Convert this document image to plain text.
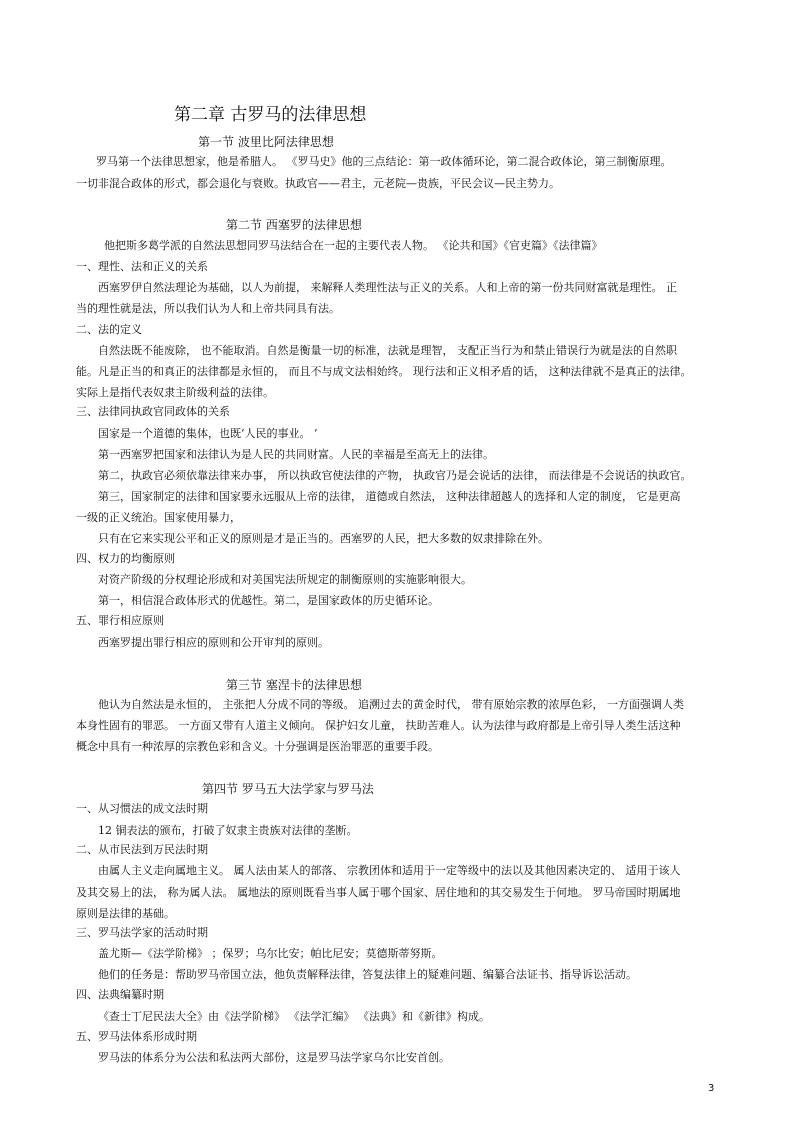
第二章 古罗马的法律思想
第一节 波里比阿法律思想
罗马第一个法律思想家，他是希腊人。 《罗马史》他的三点结论：第一政体循环论，第二混合政体论，第三制衡原理。
一切非混合政体的形式，都会退化与衰败。执政官——君主，元老院—贵族，平民会议—民主势力。
第二节 西塞罗的法律思想
他把斯多葛学派的自然法思想同罗马法结合在一起的主要代表人物。 《论共和国》《官吏篇》《法律篇》
一、理性、法和正义的关系
西塞罗伊自然法理论为基础，以人为前提， 来解释人类理性法与正义的关系。人和上帝的第一份共同财富就是理性。 正
当的理性就是法，所以我们认为人和上帝共同具有法。
二、法的定义
自然法既不能废除， 也不能取消。自然是衡量一切的标准，法就是理智， 支配正当行为和禁止错误行为就是法的自然职
能。凡是正当的和真正的法律都是永恒的， 而且不与成文法相始终。 现行法和正义相矛盾的话， 这种法律就不是真正的法律。
实际上是指代表奴隶主阶级利益的法律。
三、法律同执政官同政体的关系
国家是一个道德的集体，也既‘人民的事业。 ’
第一西塞罗把国家和法律认为是人民的共同财富。人民的幸福是至高无上的法律。
第二，执政官必须依靠法律来办事， 所以执政官使法律的产物， 执政官乃是会说话的法律， 而法律是不会说话的执政官。
第三，国家制定的法律和国家要永远服从上帝的法律， 道德或自然法， 这种法律超越人的选择和人定的制度， 它是更高
一级的正义统治。国家使用暴力，
只有在它来实现公平和正义的原则是才是正当的。西塞罗的人民，把大多数的奴隶排除在外。
四、权力的均衡原则
对资产阶级的分权理论形成和对美国宪法所规定的制衡原则的实施影响很大。
第一，相信混合政体形式的优越性。第二，是国家政体的历史循环论。
五、罪行相应原则
西塞罗提出罪行相应的原则和公开审判的原则。
第三节 塞涅卡的法律思想
他认为自然法是永恒的， 主张把人分成不同的等级。 追溯过去的黄金时代， 带有原始宗教的浓厚色彩， 一方面强调人类
本身性固有的罪恶。 一方面又带有人道主义倾向。 保护妇女儿童， 扶助苦难人。认为法律与政府都是上帝引导人类生活这种
概念中具有一种浓厚的宗教色彩和含义。十分强调是医治罪恶的重要手段。
第四节 罗马五大法学家与罗马法
一、从习惯法的成文法时期
12 铜表法的颁布，打破了奴隶主贵族对法律的垄断。
二、从市民法到万民法时期
由属人主义走向属地主义。 属人法由某人的部落、 宗教团体和适用于一定等级中的法以及其他因素决定的、 适用于该人
及其交易上的法， 称为属人法。 属地法的原则既看当事人属于哪个国家、居住地和的其交易发生于何地。 罗马帝国时期属地
原则是法律的基础。
三、罗马法学家的活动时期
盖尤斯—《法学阶梯》 ；保罗；乌尔比安；帕比尼安；莫德斯蒂努斯。
他们的任务是：帮助罗马帝国立法，他负责解释法律，答复法律上的疑难问题、编纂合法证书、指导诉讼活动。
四、法典编纂时期
《查士丁尼民法大全》由《法学阶梯》 《法学汇编》 《法典》和《新律》构成。
五、罗马法体系形成时期
罗马法的体系分为公法和私法两大部份，这是罗马法学家乌尔比安首创。
3
